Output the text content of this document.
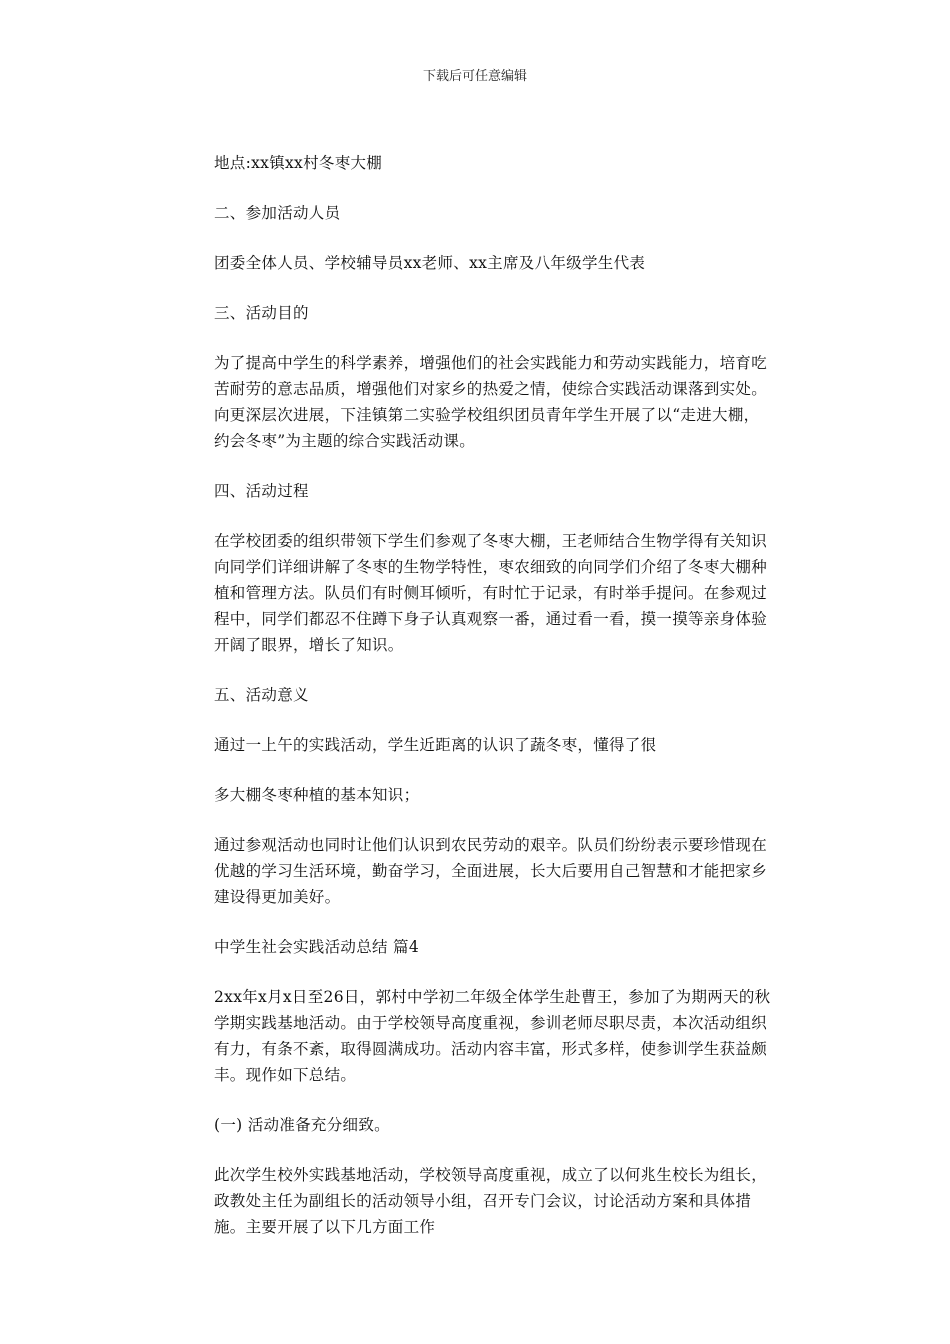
下载后可任意编辑

地点:xx镇xx村冬枣大棚

二、参加活动人员

团委全体人员、学校辅导员xx老师、xx主席及八年级学生代表

三、活动目的

为了提高中学生的科学素养，增强他们的社会实践能力和劳动实践能力，培育吃苦耐劳的意志品质，增强他们对家乡的热爱之情，使综合实践活动课落到实处。向更深层次进展，下洼镇第二实验学校组织团员青年学生开展了以“走进大棚，约会冬枣”为主题的综合实践活动课。

四、活动过程

在学校团委的组织带领下学生们参观了冬枣大棚，王老师结合生物学得有关知识向同学们详细讲解了冬枣的生物学特性，枣农细致的向同学们介绍了冬枣大棚种植和管理方法。队员们有时侧耳倾听，有时忙于记录，有时举手提问。在参观过程中，同学们都忍不住蹲下身子认真观察一番，通过看一看，摸一摸等亲身体验开阔了眼界，增长了知识。

五、活动意义

通过一上午的实践活动，学生近距离的认识了蔬冬枣，懂得了很

多大棚冬枣种植的基本知识；

通过参观活动也同时让他们认识到农民劳动的艰辛。队员们纷纷表示要珍惜现在优越的学习生活环境，勤奋学习，全面进展，长大后要用自己智慧和才能把家乡建设得更加美好。

中学生社会实践活动总结 篇4

2xx年x月x日至26日，郭村中学初二年级全体学生赴曹王，参加了为期两天的秋学期实践基地活动。由于学校领导高度重视，参训老师尽职尽责，本次活动组织有力，有条不紊，取得圆满成功。活动内容丰富，形式多样，使参训学生获益颇丰。现作如下总结。

(一) 活动准备充分细致。

此次学生校外实践基地活动，学校领导高度重视，成立了以何兆生校长为组长，政教处主任为副组长的活动领导小组，召开专门会议，讨论活动方案和具体措施。主要开展了以下几方面工作
